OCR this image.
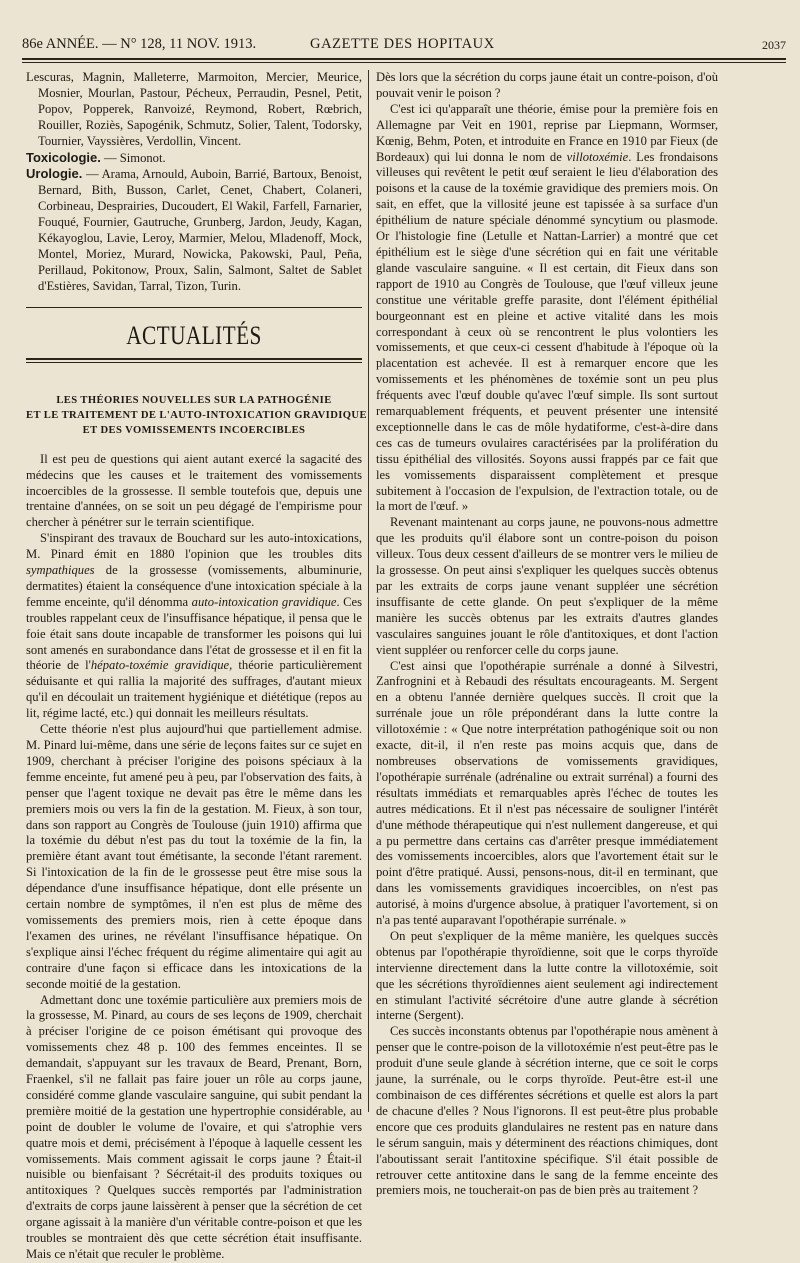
86e ANNÉE. — N° 128, 11 NOV. 1913.	GAZETTE DES HOPITAUX	2037

Lescuras, Magnin, Malleterre, Marmoiton, Mercier, Meurice, Mosnier, Mourlan, Pastour, Pécheux, Perraudin, Pesnel, Petit, Popov, Popperek, Ranvoizé, Reymond, Robert, Rœbrich, Rouiller, Roziès, Sapogénik, Schmutz, Solier, Talent, Todorsky, Tournier, Vayssières, Verdollin, Vincent.

Toxicologie. — Simonot.

Urologie. — Arama, Arnould, Auboin, Barrié, Bartoux, Benoist, Bernard, Bith, Busson, Carlet, Cenet, Chabert, Colaneri, Corbineau, Desprairies, Ducoudert, El Wakil, Farfell, Farnarier, Fouqué, Fournier, Gautruche, Grunberg, Jardon, Jeudy, Kagan, Kékayoglou, Lavie, Leroy, Marmier, Melou, Mladenoff, Mock, Montel, Moriez, Murard, Nowicka, Pakowski, Paul, Peña, Perillaud, Pokitonow, Proux, Salin, Salmont, Saltet de Sablet d'Estières, Savidan, Tarral, Tizon, Turin.

ACTUALITÉS
LES THÉORIES NOUVELLES SUR LA PATHOGÉNIE
ET LE TRAITEMENT DE L'AUTO-INTOXICATION GRAVIDIQUE
ET DES VOMISSEMENTS INCOERCIBLES

Il est peu de questions qui aient autant exercé la sagacité des médecins que les causes et le traitement des vomissements incoercibles de la grossesse. Il semble toutefois que, depuis une trentaine d'années, on se soit un peu dégagé de l'empirisme pour chercher à pénétrer sur le terrain scientifique.

S'inspirant des travaux de Bouchard sur les auto-intoxications, M. Pinard émit en 1880 l'opinion que les troubles dits sympathiques de la grossesse (vomissements, albuminurie, dermatites) étaient la conséquence d'une intoxication spéciale à la femme enceinte, qu'il dénomma auto-intoxication gravidique. Ces troubles rappelant ceux de l'insuffisance hépatique, il pensa que le foie était sans doute incapable de transformer les poisons qui lui sont amenés en surabondance dans l'état de grossesse et il en fit la théorie de l'hépato-toxémie gravidique, théorie particulièrement séduisante et qui rallia la majorité des suffrages, d'autant mieux qu'il en découlait un traitement hygiénique et diététique (repos au lit, régime lacté, etc.) qui donnait les meilleurs résultats.

Cette théorie n'est plus aujourd'hui que partiellement admise. M. Pinard lui-même, dans une série de leçons faites sur ce sujet en 1909, cherchant à préciser l'origine des poisons spéciaux à la femme enceinte, fut amené peu à peu, par l'observation des faits, à penser que l'agent toxique ne devait pas être le même dans les premiers mois ou vers la fin de la gestation. M. Fieux, à son tour, dans son rapport au Congrès de Toulouse (juin 1910) affirma que la toxémie du début n'est pas du tout la toxémie de la fin, la première étant avant tout émétisante, la seconde l'étant rarement. Si l'intoxication de la fin de le grossesse peut être mise sous la dépendance d'une insuffisance hépatique, dont elle présente un certain nombre de symptômes, il n'en est plus de même des vomissements des premiers mois, rien à cette époque dans l'examen des urines, ne révélant l'insuffisance hépatique. On s'explique ainsi l'échec fréquent du régime alimentaire qui agit au contraire d'une façon si efficace dans les intoxications de la seconde moitié de la gestation.

Admettant donc une toxémie particulière aux premiers mois de la grossesse, M. Pinard, au cours de ses leçons de 1909, cherchait à préciser l'origine de ce poison émétisant qui provoque des vomissements chez 48 p. 100 des femmes enceintes. Il se demandait, s'appuyant sur les travaux de Beard, Prenant, Born, Fraenkel, s'il ne fallait pas faire jouer un rôle au corps jaune, considéré comme glande vasculaire sanguine, qui subit pendant la première moitié de la gestation une hypertrophie considérable, au point de doubler le volume de l'ovaire, et qui s'atrophie vers quatre mois et demi, précisément à l'époque à laquelle cessent les vomissements. Mais comment agissait le corps jaune ? Était-il nuisible ou bienfaisant ? Sécrétait-il des produits toxiques ou antitoxiques ? Quelques succès remportés par l'administration d'extraits de corps jaune laissèrent à penser que la sécrétion de cet organe agissait à la manière d'un véritable contre-poison et que les troubles se montraient dès que cette sécrétion était insuffisante. Mais ce n'était que reculer le problème.

Dès lors que la sécrétion du corps jaune était un contre-poison, d'où pouvait venir le poison ?

C'est ici qu'apparaît une théorie, émise pour la première fois en Allemagne par Veit en 1901, reprise par Liepmann, Wormser, Kœnig, Behm, Poten, et introduite en France en 1910 par Fieux (de Bordeaux) qui lui donna le nom de villotoxémie. Les frondaisons villeuses qui revêtent le petit œuf seraient le lieu d'élaboration des poisons et la cause de la toxémie gravidique des premiers mois. On sait, en effet, que la villosité jeune est tapissée à sa surface d'un épithélium de nature spéciale dénommé syncytium ou plasmode. Or l'histologie fine (Letulle et Nattan-Larrier) a montré que cet épithélium est le siège d'une sécrétion qui en fait une véritable glande vasculaire sanguine. « Il est certain, dit Fieux dans son rapport de 1910 au Congrès de Toulouse, que l'œuf villeux jeune constitue une véritable greffe parasite, dont l'élément épithélial bourgeonnant est en pleine et active vitalité dans les mois correspondant à ceux où se rencontrent le plus volontiers les vomissements, et que ceux-ci cessent d'habitude à l'époque où la placentation est achevée. Il est à remarquer encore que les vomissements et les phénomènes de toxémie sont un peu plus fréquents avec l'œuf double qu'avec l'œuf simple. Ils sont surtout remarquablement fréquents, et peuvent présenter une intensité exceptionnelle dans le cas de môle hydatiforme, c'est-à-dire dans ces cas de tumeurs ovulaires caractérisées par la prolifération du tissu épithélial des villosités. Soyons aussi frappés par ce fait que les vomissements disparaissent complètement et presque subitement à l'occasion de l'expulsion, de l'extraction totale, ou de la mort de l'œuf. »

Revenant maintenant au corps jaune, ne pouvons-nous admettre que les produits qu'il élabore sont un contre-poison du poison villeux. Tous deux cessent d'ailleurs de se montrer vers le milieu de la grossesse. On peut ainsi s'expliquer les quelques succès obtenus par les extraits de corps jaune venant suppléer une sécrétion insuffisante de cette glande. On peut s'expliquer de la même manière les succès obtenus par les extraits d'autres glandes vasculaires sanguines jouant le rôle d'antitoxiques, et dont l'action vient suppléer ou renforcer celle du corps jaune.

C'est ainsi que l'opothérapie surrénale a donné à Silvestri, Zanfrognini et à Rebaudi des résultats encourageants. M. Sergent en a obtenu l'année dernière quelques succès. Il croit que la surrénale joue un rôle prépondérant dans la lutte contre la villotoxémie : « Que notre interprétation pathogénique soit ou non exacte, dit-il, il n'en reste pas moins acquis que, dans de nombreuses observations de vomissements gravidiques, l'opothérapie surrénale (adrénaline ou extrait surrénal) a fourni des résultats immédiats et remarquables après l'échec de toutes les autres médications. Et il n'est pas nécessaire de souligner l'intérêt d'une méthode thérapeutique qui n'est nullement dangereuse, et qui a pu permettre dans certains cas d'arrêter presque immédiatement des vomissements incoercibles, alors que l'avortement était sur le point d'être pratiqué. Aussi, pensons-nous, dit-il en terminant, que dans les vomissements gravidiques incoercibles, on n'est pas autorisé, à moins d'urgence absolue, à pratiquer l'avortement, si on n'a pas tenté auparavant l'opothérapie surrénale. »

On peut s'expliquer de la même manière, les quelques succès obtenus par l'opothérapie thyroïdienne, soit que le corps thyroïde intervienne directement dans la lutte contre la villotoxémie, soit que les sécrétions thyroïdiennes aient seulement agi indirectement en stimulant l'activité sécrétoire d'une autre glande à sécrétion interne (Sergent).

Ces succès inconstants obtenus par l'opothérapie nous amènent à penser que le contre-poison de la villotoxémie n'est peut-être pas le produit d'une seule glande à sécrétion interne, que ce soit le corps jaune, la surrénale, ou le corps thyroïde. Peut-être est-il une combinaison de ces différentes sécrétions et quelle est alors la part de chacune d'elles ? Nous l'ignorons. Il est peut-être plus probable encore que ces produits glandulaires ne restent pas en nature dans le sérum sanguin, mais y déterminent des réactions chimiques, dont l'aboutissant serait l'antitoxine spécifique. S'il était possible de retrouver cette antitoxine dans le sang de la femme enceinte des premiers mois, ne toucherait-on pas de bien près au traitement ?
